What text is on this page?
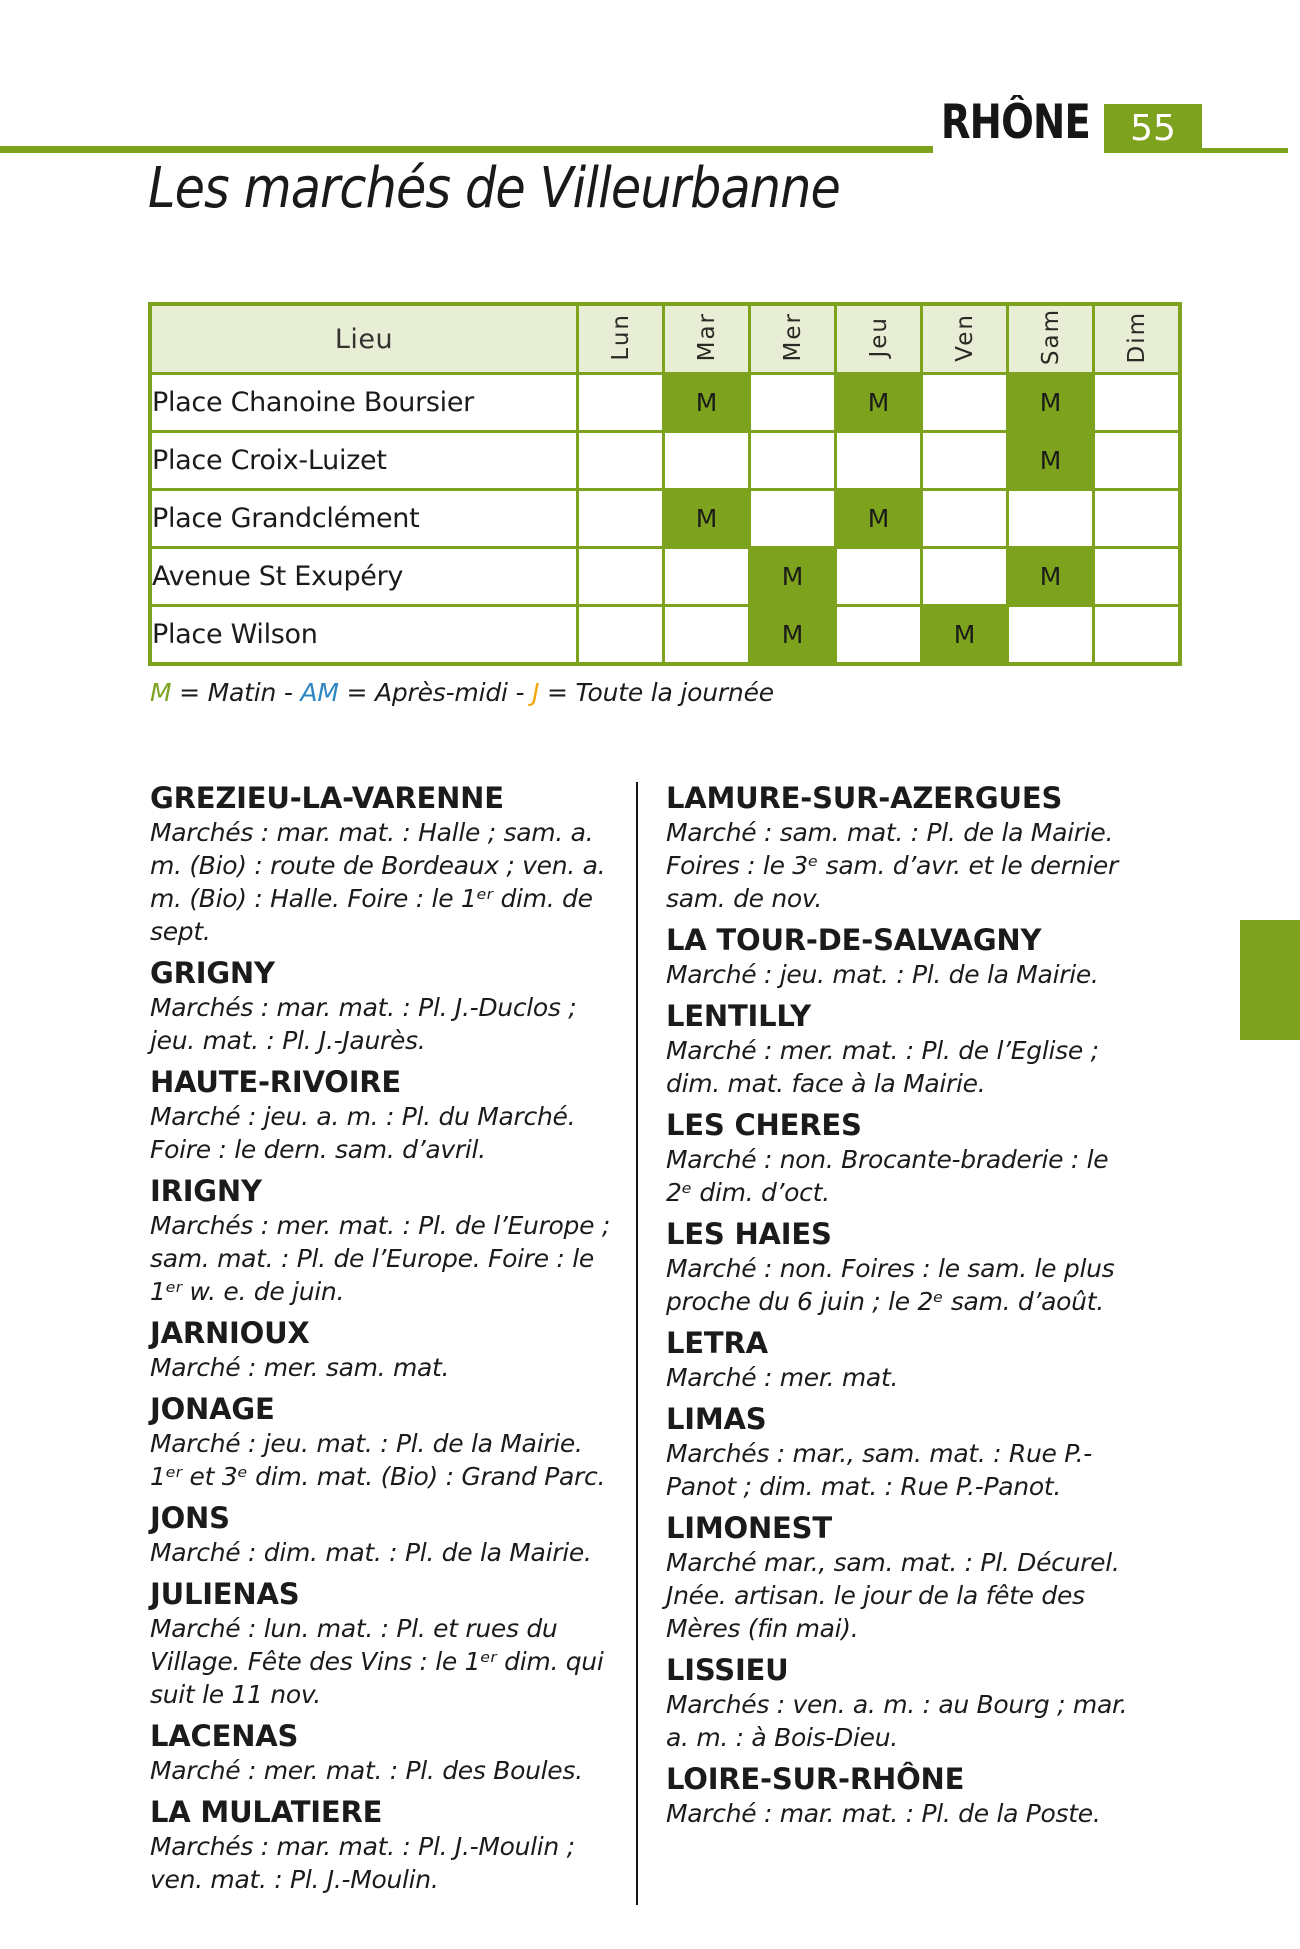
RHÔNE 55
Les marchés de Villeurbanne
Lieu	Lun	Mar	Mer	Jeu	Ven	Sam	Dim
Place Chanoine Boursier		M		M		M	
Place Croix-Luizet						M	
Place Grandclément		M		M			
Avenue St Exupéry			M			M	
Place Wilson			M		M		

M = Matin - AM = Après-midi - J = Toute la journée

GREZIEU-LA-VARENNE

Marchés : mar. mat. : Halle ; sam. a. m. (Bio) : route de Bordeaux ; ven. a. m. (Bio) : Halle. Foire : le 1ᵉʳ dim. de sept.

GRIGNY

Marchés : mar. mat. : Pl. J.-Duclos ; jeu. mat. : Pl. J.-Jaurès.

HAUTE-RIVOIRE

Marché : jeu. a. m. : Pl. du Marché. Foire : le dern. sam. d’avril.

IRIGNY

Marchés : mer. mat. : Pl. de l’Europe ; sam. mat. : Pl. de l’Europe. Foire : le 1ᵉʳ w. e. de juin.

JARNIOUX

Marché : mer. sam. mat.

JONAGE

Marché : jeu. mat. : Pl. de la Mairie. 1ᵉʳ et 3ᵉ dim. mat. (Bio) : Grand Parc.

JONS

Marché : dim. mat. : Pl. de la Mairie.

JULIENAS

Marché : lun. mat. : Pl. et rues du Village. Fête des Vins : le 1ᵉʳ dim. qui suit le 11 nov.

LACENAS

Marché : mer. mat. : Pl. des Boules.

LA MULATIERE

Marchés : mar. mat. : Pl. J.-Moulin ; ven. mat. : Pl. J.-Moulin.

LAMURE-SUR-AZERGUES

Marché : sam. mat. : Pl. de la Mairie. Foires : le 3ᵉ sam. d’avr. et le dernier sam. de nov.

LA TOUR-DE-SALVAGNY

Marché : jeu. mat. : Pl. de la Mairie.

LENTILLY

Marché : mer. mat. : Pl. de l’Eglise ; dim. mat. face à la Mairie.

LES CHERES

Marché : non. Brocante-braderie : le 2ᵉ dim. d’oct.

LES HAIES

Marché : non. Foires : le sam. le plus proche du 6 juin ; le 2ᵉ sam. d’août.

LETRA

Marché : mer. mat.

LIMAS

Marchés : mar., sam. mat. : Rue P.-Panot ; dim. mat. : Rue P.-Panot.

LIMONEST

Marché mar., sam. mat. : Pl. Décurel. Jnée. artisan. le jour de la fête des Mères (fin mai).

LISSIEU

Marchés : ven. a. m. : au Bourg ; mar. a. m. : à Bois-Dieu.

LOIRE-SUR-RHÔNE

Marché : mar. mat. : Pl. de la Poste.
